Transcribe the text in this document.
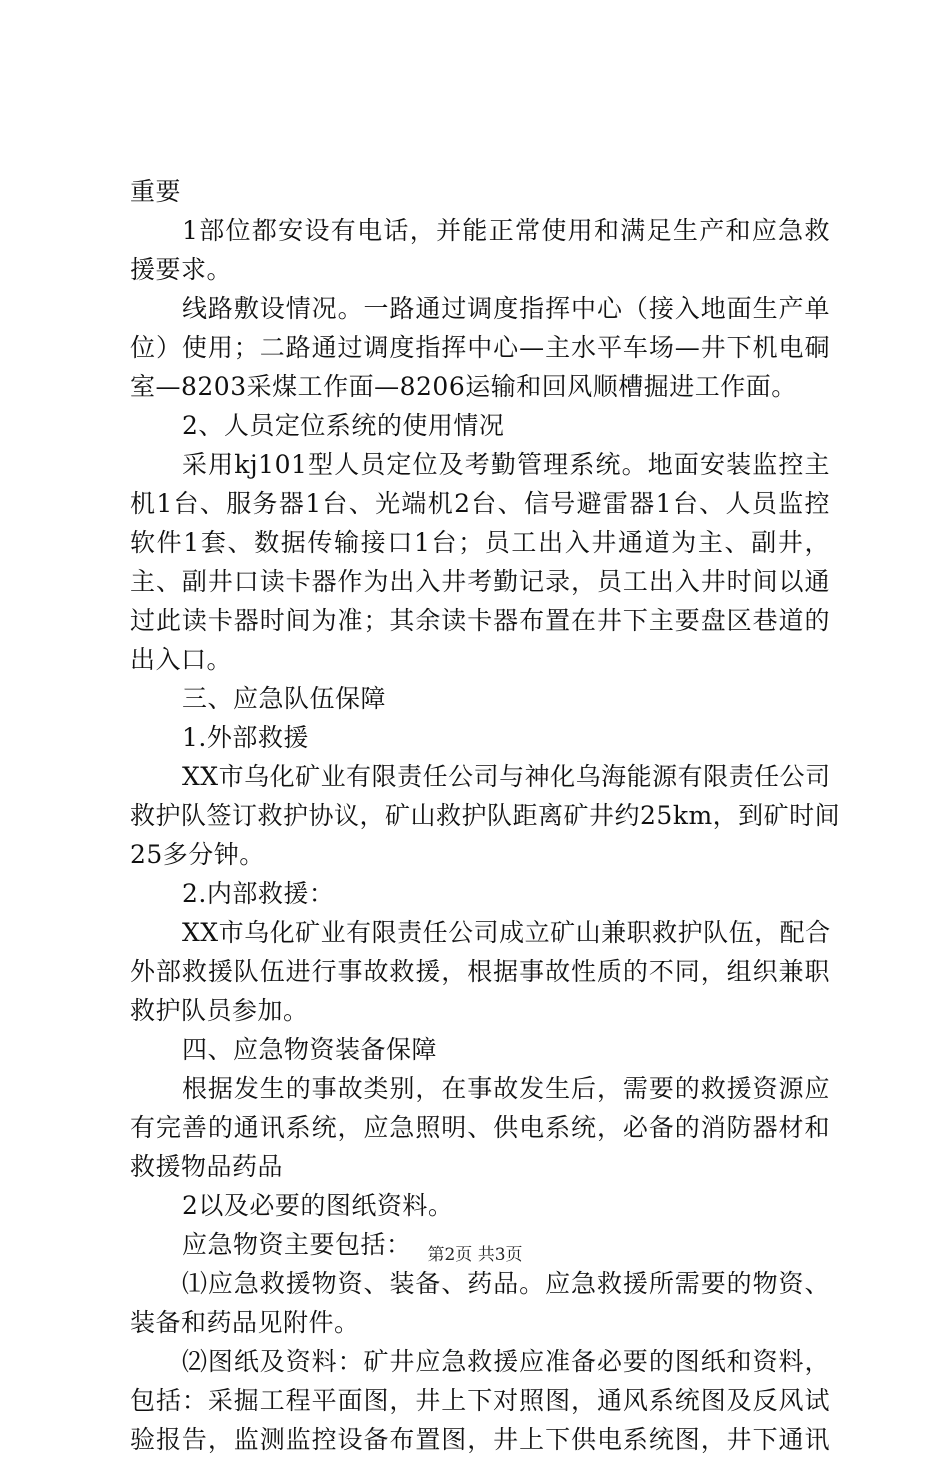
重要
1部位都安设有电话，并能正常使用和满足生产和应急救
援要求。
线路敷设情况。一路通过调度指挥中心（接入地面生产单
位）使用；二路通过调度指挥中心—主水平车场—井下机电硐
室—8203采煤工作面—8206运输和回风顺槽掘进工作面。
2、人员定位系统的使用情况
采用kj101型人员定位及考勤管理系统。地面安装监控主
机1台、服务器1台、光端机2台、信号避雷器1台、人员监控
软件1套、数据传输接口1台；员工出入井通道为主、副井，
主、副井口读卡器作为出入井考勤记录，员工出入井时间以通
过此读卡器时间为准；其余读卡器布置在井下主要盘区巷道的
出入口。
三、应急队伍保障
1.外部救援
XX市乌化矿业有限责任公司与神化乌海能源有限责任公司
救护队签订救护协议，矿山救护队距离矿井约25km，到矿时间
25多分钟。
2.内部救援：
XX市乌化矿业有限责任公司成立矿山兼职救护队伍，配合
外部救援队伍进行事故救援，根据事故性质的不同，组织兼职
救护队员参加。
四、应急物资装备保障
根据发生的事故类别，在事故发生后，需要的救援资源应
有完善的通讯系统，应急照明、供电系统，必备的消防器材和
救援物品药品
2以及必要的图纸资料。
应急物资主要包括：
⑴应急救援物资、装备、药品。应急救援所需要的物资、
装备和药品见附件。
⑵图纸及资料：矿井应急救援应准备必要的图纸和资料，
包括：采掘工程平面图，井上下对照图，通风系统图及反风试
验报告，监测监控设备布置图，井上下供电系统图，井下通讯
第2页 共3页
